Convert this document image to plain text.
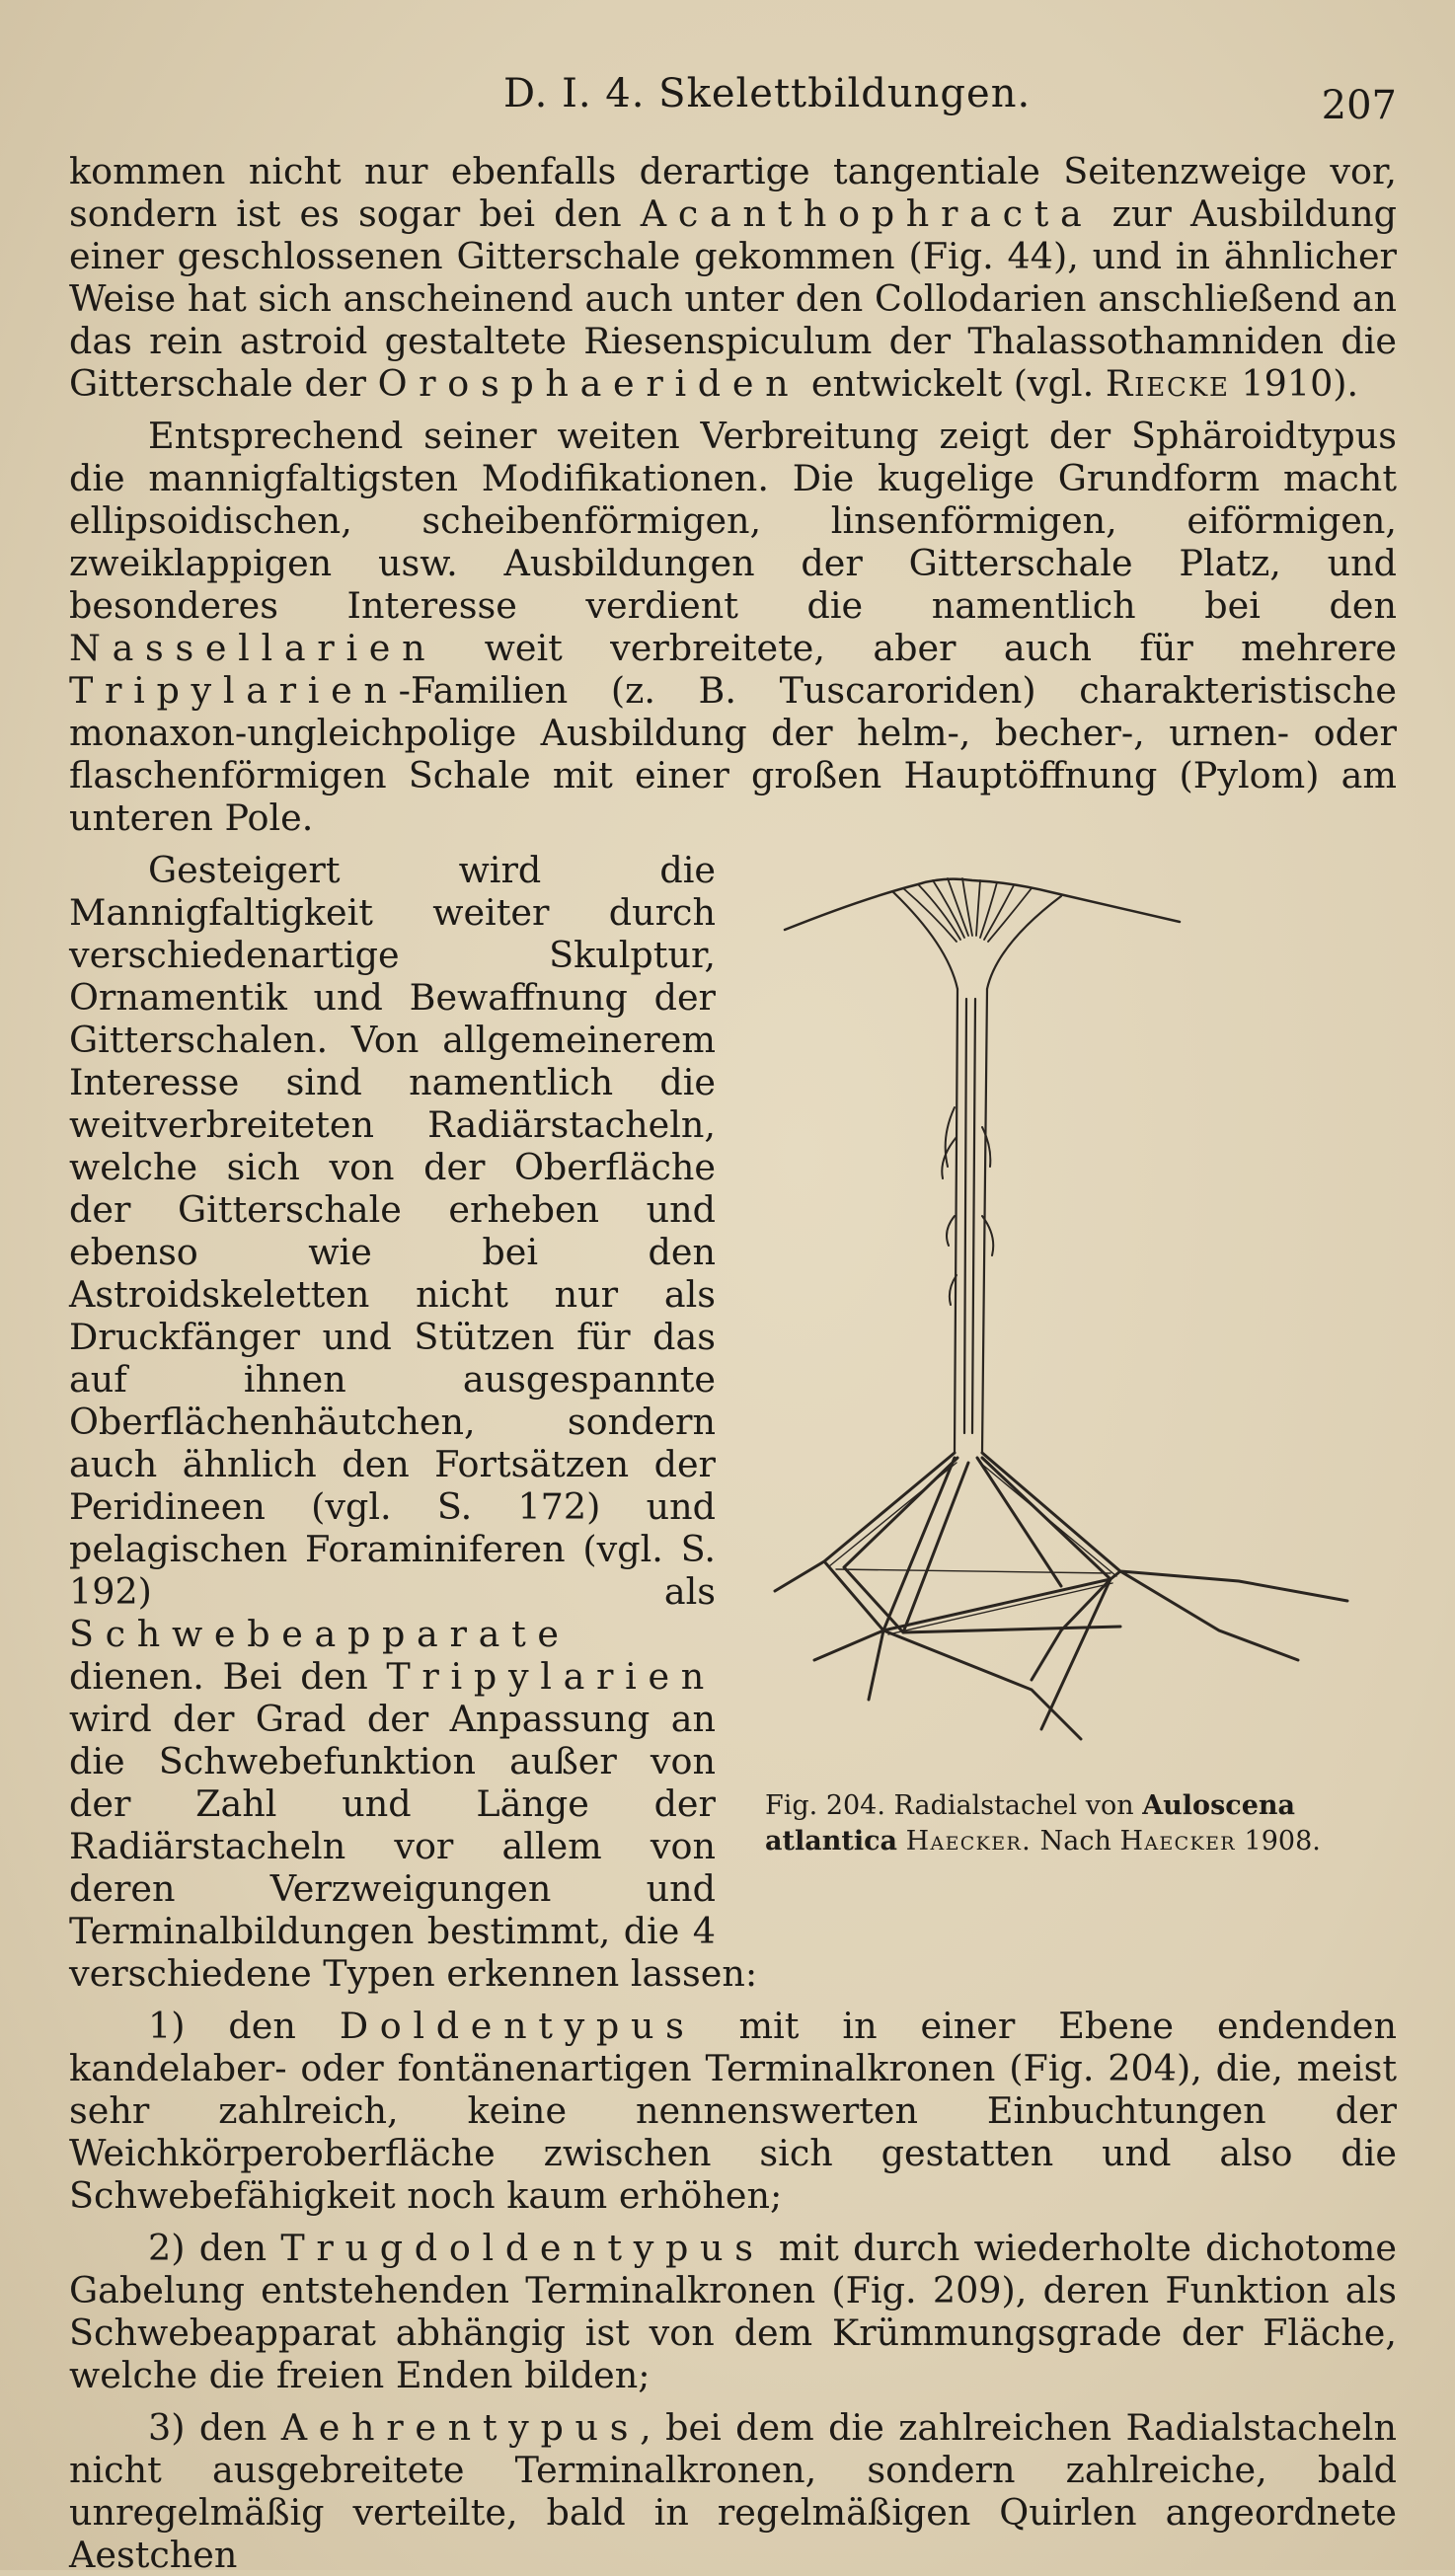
D. I. 4. Skelettbildungen.	207

kommen nicht nur ebenfalls derartige tangentiale Seitenzweige vor, sondern ist es sogar bei den Acanthophracta zur Ausbildung einer geschlossenen Gitterschale gekommen (Fig. 44), und in ähnlicher Weise hat sich anscheinend auch unter den Collodarien anschließend an das rein astroid gestaltete Riesenspiculum der Thalassothamniden die Gitterschale der Orosphaeriden entwickelt (vgl. Riecke 1910).

Entsprechend seiner weiten Verbreitung zeigt der Sphäroidtypus die mannigfaltigsten Modifikationen. Die kugelige Grundform macht ellipsoidischen, scheibenförmigen, linsenförmigen, eiförmigen, zweiklappigen usw. Ausbildungen der Gitterschale Platz, und besonderes Interesse verdient die namentlich bei den Nassellarien weit verbreitete, aber auch für mehrere Tripylarien-Familien (z. B. Tuscaroriden) charakteristische monaxon-ungleichpolige Ausbildung der helm-, becher-, urnen- oder flaschenförmigen Schale mit einer großen Hauptöffnung (Pylom) am unteren Pole.

Fig. 204. Radialstachel von Auloscena
atlantica Haecker. Nach Haecker 1908.

Gesteigert wird die Mannigfaltigkeit weiter durch verschiedenartige Skulptur, Ornamentik und Bewaffnung der Gitterschalen. Von allgemeinerem Interesse sind namentlich die weitverbreiteten Radiärstacheln, welche sich von der Oberfläche der Gitterschale erheben und ebenso wie bei den Astroidskeletten nicht nur als Druckfänger und Stützen für das auf ihnen ausgespannte Oberflächenhäutchen, sondern auch ähnlich den Fortsätzen der Peridineen (vgl. S. 172) und pelagischen Foraminiferen (vgl. S. 192) als Schwebeapparate dienen. Bei den Tripylarien wird der Grad der Anpassung an die Schwebefunktion außer von der Zahl und Länge der Radiärstacheln vor allem von deren Verzweigungen und Terminalbildungen bestimmt, die 4 verschiedene Typen erkennen lassen:

1) den Doldentypus mit in einer Ebene endenden kandelaber- oder fontänenartigen Terminalkronen (Fig. 204), die, meist sehr zahlreich, keine nennenswerten Einbuchtungen der Weichkörperoberfläche zwischen sich gestatten und also die Schwebefähigkeit noch kaum erhöhen;

2) den Trugdoldentypus mit durch wiederholte dichotome Gabelung entstehenden Terminalkronen (Fig. 209), deren Funktion als Schwebeapparat abhängig ist von dem Krümmungsgrade der Fläche, welche die freien Enden bilden;

3) den Aehrentypus, bei dem die zahlreichen Radialstacheln nicht ausgebreitete Terminalkronen, sondern zahlreiche, bald unregelmäßig verteilte, bald in regelmäßigen Quirlen angeordnete Aestchen
